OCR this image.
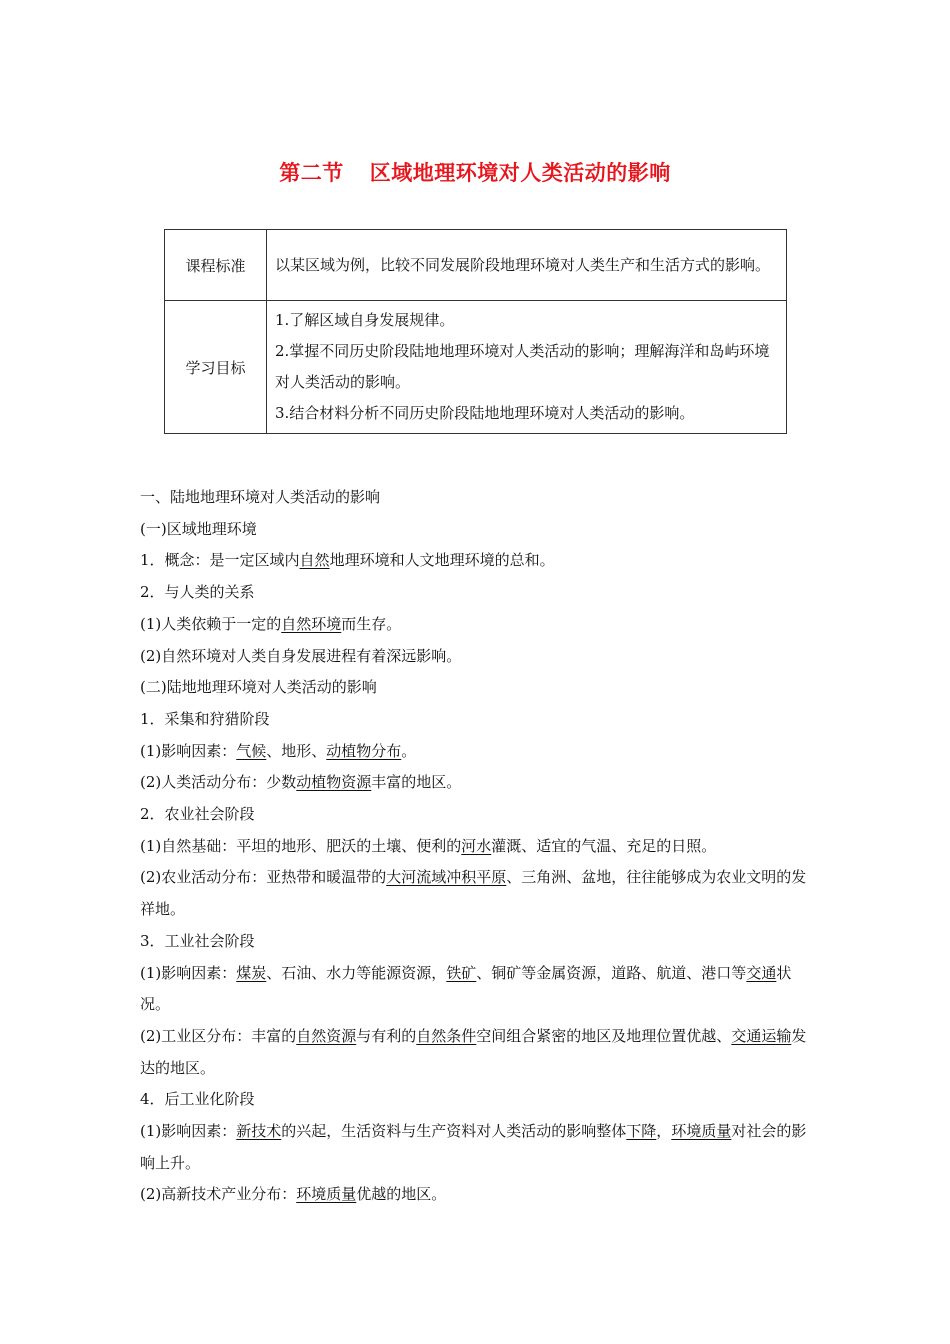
第二节 区域地理环境对人类活动的影响
课程标准	以某区域为例，比较不同发展阶段地理环境对人类生产和生活方式的影响。
学习目标	1.了解区域自身发展规律。
2.掌握不同历史阶段陆地地理环境对人类活动的影响；理解海洋和岛屿环境对人类活动的影响。
3.结合材料分析不同历史阶段陆地地理环境对人类活动的影响。

一、陆地地理环境对人类活动的影响

(一)区域地理环境

1．概念：是一定区域内自然地理环境和人文地理环境的总和。

2．与人类的关系

(1)人类依赖于一定的自然环境而生存。

(2)自然环境对人类自身发展进程有着深远影响。

(二)陆地地理环境对人类活动的影响

1．采集和狩猎阶段

(1)影响因素：气候、地形、动植物分布。

(2)人类活动分布：少数动植物资源丰富的地区。

2．农业社会阶段

(1)自然基础：平坦的地形、肥沃的土壤、便利的河水灌溉、适宜的气温、充足的日照。

(2)农业活动分布：亚热带和暖温带的大河流域冲积平原、三角洲、盆地，往往能够成为农业文明的发祥地。

3．工业社会阶段

(1)影响因素：煤炭、石油、水力等能源资源，铁矿、铜矿等金属资源，道路、航道、港口等交通状况。

(2)工业区分布：丰富的自然资源与有利的自然条件空间组合紧密的地区及地理位置优越、交通运输发达的地区。

4．后工业化阶段

(1)影响因素：新技术的兴起，生活资料与生产资料对人类活动的影响整体下降，环境质量对社会的影响上升。

(2)高新技术产业分布：环境质量优越的地区。
